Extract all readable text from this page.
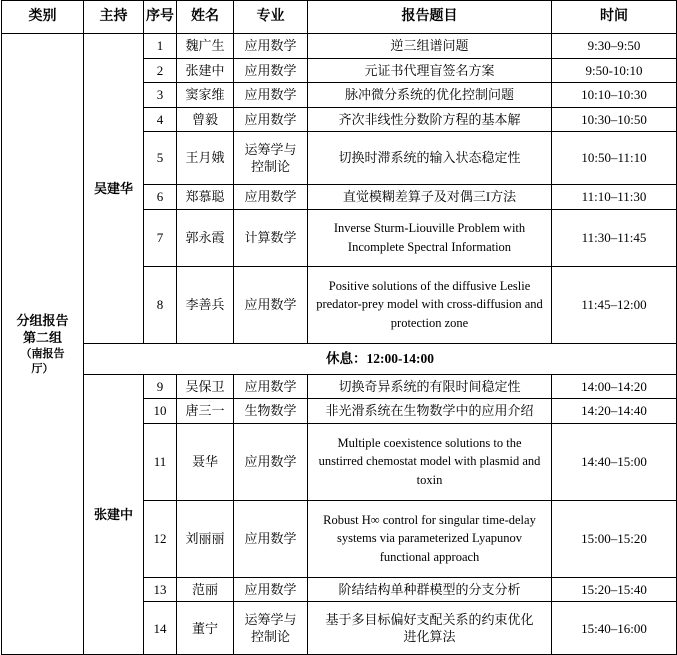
类别	主持	序号	姓名	专业	报告题目	时间

分组报告
第二组
（南报告
厅）	吴建华	1	魏广生	应用数学	逆三组谱问题	9:30–9:50
		2	张建中	应用数学	元证书代理盲签名方案	9:50-10:10
		3	窦家维	应用数学	脉冲微分系统的优化控制问题	10:10–10:30
		4	曾毅	应用数学	齐次非线性分数阶方程的基本解	10:30–10:50
		5	王月娥	运筹学与
控制论	切换时滞系统的输入状态稳定性	10:50–11:10
		6	郑慕聪	应用数学	直觉模糊差算子及对偶三I方法	11:10–11:30
		7	郭永霞	计算数学	Inverse Sturm-Liouville Problem with Incomplete Spectral Information	11:30–11:45
		8	李善兵	应用数学	Positive solutions of the diffusive Leslie predator-prey model with cross-diffusion and protection zone	11:45–12:00
	休息：12:00-14:00					
	张建中	9	吴保卫	应用数学	切换奇异系统的有限时间稳定性	14:00–14:20
		10	唐三一	生物数学	非光滑系统在生物数学中的应用介绍	14:20–14:40
		11	聂华	应用数学	Multiple coexistence solutions to the unstirred chemostat model with plasmid and toxin	14:40–15:00
		12	刘丽丽	应用数学	Robust H∞ control for singular time-delay systems via parameterized Lyapunov functional approach	15:00–15:20
		13	范丽	应用数学	阶结结构单种群模型的分支分析	15:20–15:40
		14	董宁	运筹学与
控制论	基于多目标偏好支配关系的约束优化
进化算法	15:40–16:00
